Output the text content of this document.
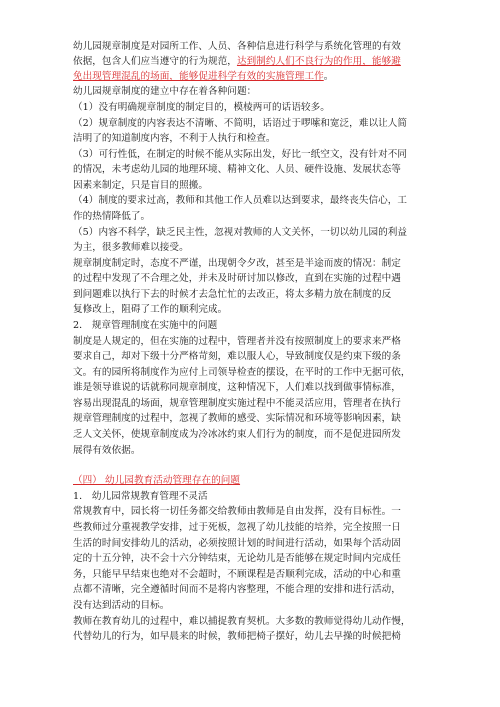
幼儿园规章制度是对园所工作、人员、各种信息进行科学与系统化管理的有效
依据，包含人们应当遵守的行为规范，达到制约人们不良行为的作用，能够避
免出现管理混乱的场面，能够促进科学有效的实施管理工作。
幼儿园规章制度的建立中存在着各种问题：
（1）没有明确规章制度的制定目的，模棱两可的话语较多。
（2）规章制度的内容表达不清晰、不简明，话语过于啰嗦和宽泛，难以让人简
洁明了的知道制度内容，不利于人执行和检查。
（3）可行性低，在制定的时候不能从实际出发，好比一纸空文，没有针对不同
的情况，未考虑幼儿园的地理环境、精神文化、人员、硬件设施、发展状态等
因素来制定，只是盲目的照搬。
（4）制度的要求过高，教师和其他工作人员难以达到要求，最终丧失信心，工
作的热情降低了。
（5）内容不科学，缺乏民主性，忽视对教师的人文关怀，一切以幼儿园的利益
为主，很多教师难以接受。
规章制度制定时，态度不严谨，出现朝令夕改，甚至是半途而废的情况：制定
的过程中发现了不合理之处，并未及时研讨加以修改，直到在实施的过程中遇
到问题难以执行下去的时候才去急忙忙的去改正，将太多精力放在制度的反
复修改上，阻碍了工作的顺利完成。
2． 规章管理制度在实施中的问题
制度是人规定的，但在实施的过程中，管理者并没有按照制度上的要求来严格
要求自己，却对下级十分严格苛刻，难以服人心，导致制度仅是约束下级的条
文。有的园所将制度作为应付上司领导检查的摆设，在平时的工作中无据可依，
谁是领导谁说的话就称同规章制度，这种情况下，人们难以找到做事情标准，
容易出现混乱的场面，规章管理制度实施过程中不能灵活应用，管理者在执行
规章管理制度的过程中，忽视了教师的感受、实际情况和环境等影响因素，缺
乏人文关怀，使规章制度成为冷冰冰约束人们行为的制度，而不是促进园所发
展得有效依据。
（四） 幼儿园教育活动管理存在的问题
1． 幼儿园常规教育管理不灵活
常规教育中，园长将一切任务都交给教师由教师是自由发挥，没有目标性。一
些教师过分重视教学安排，过于死板，忽视了幼儿技能的培养，完全按照一日
生活的时间安排幼儿的活动，必须按照计划的时间进行活动，如果每个活动固
定的十五分钟，决不会十六分钟结束，无论幼儿是否能够在规定时间内完成任
务，只能早早结束也绝对不会超时，不顾课程是否顺利完成，活动的中心和重
点都不清晰，完全遵循时间而不是将内容整理，不能合理的安排和进行活动，
没有达到活动的目标。
教师在教育幼儿的过程中，难以捕捉教育契机。大多数的教师觉得幼儿动作慢，
代替幼儿的行为，如早晨来的时候，教师把椅子摆好，幼儿去早操的时候把椅
